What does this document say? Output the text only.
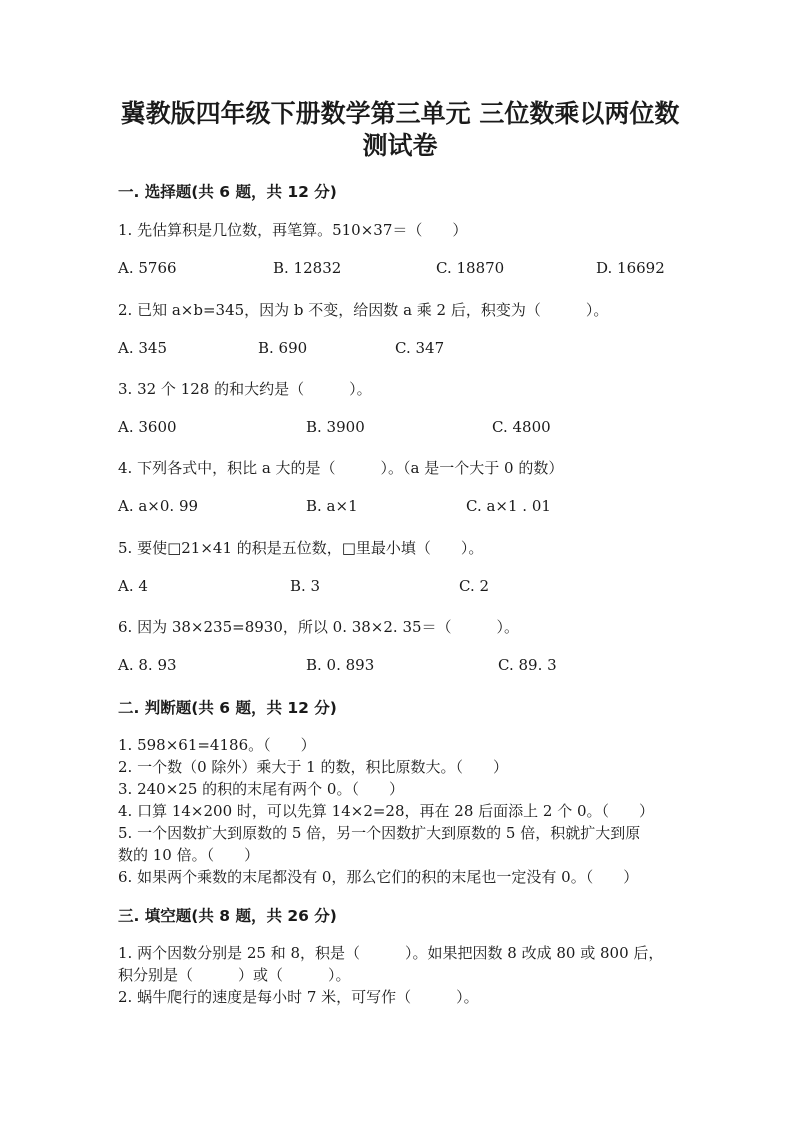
冀教版四年级下册数学第三单元 三位数乘以两位数
测试卷
一. 选择题(共 6 题，共 12 分)
1. 先估算积是几位数，再笔算。510×37＝（　　）
A. 5766	B. 12832	C. 18870	D. 16692
2. 已知 a×b=345，因为 b 不变，给因数 a 乘 2 后，积变为（　　　）。
A. 345	B. 690	C. 347
3. 32 个 128 的和大约是（　　　）。
A. 3600	B. 3900	C. 4800
4. 下列各式中，积比 a 大的是（　　　）。（a 是一个大于 0 的数）
A. a×0. 99	B. a×1	C. a×1 . 01
5. 要使□21×41 的积是五位数，□里最小填（　　）。
A. 4	B. 3	C. 2
6. 因为 38×235=8930，所以 0. 38×2. 35＝（　　　）。
A. 8. 93	B. 0. 893	C. 89. 3
二. 判断题(共 6 题，共 12 分)
1. 598×61=4186。（　　）
2. 一个数（0 除外）乘大于 1 的数，积比原数大。（　　）
3. 240×25 的积的末尾有两个 0。（　　）
4. 口算 14×200 时，可以先算 14×2=28，再在 28 后面添上 2 个 0。（　　）
5. 一个因数扩大到原数的 5 倍，另一个因数扩大到原数的 5 倍，积就扩大到原
数的 10 倍。（　　）
6. 如果两个乘数的末尾都没有 0，那么它们的积的末尾也一定没有 0。（　　）
三. 填空题(共 8 题，共 26 分)
1. 两个因数分别是 25 和 8，积是（　　　）。如果把因数 8 改成 80 或 800 后，
积分别是（　　　）或（　　　）。
2. 蜗牛爬行的速度是每小时 7 米，可写作（　　　）。
